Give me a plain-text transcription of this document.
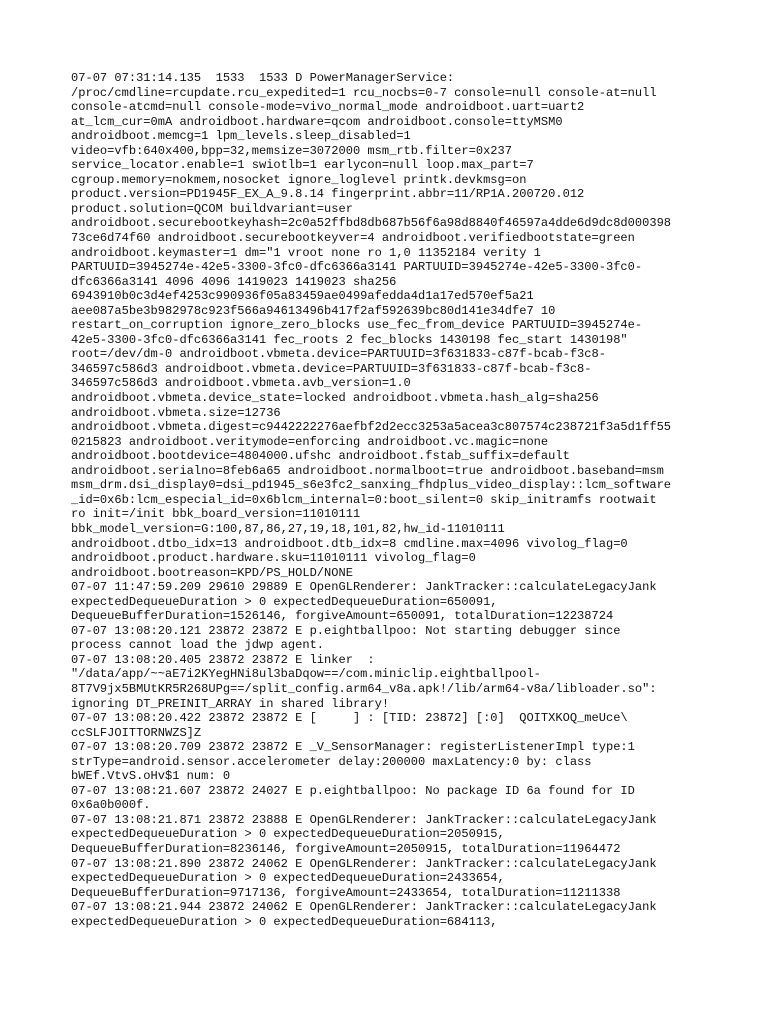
07-07 07:31:14.135  1533  1533 D PowerManagerService:
/proc/cmdline=rcupdate.rcu_expedited=1 rcu_nocbs=0-7 console=null console-at=null
console-atcmd=null console-mode=vivo_normal_mode androidboot.uart=uart2
at_lcm_cur=0mA androidboot.hardware=qcom androidboot.console=ttyMSM0
androidboot.memcg=1 lpm_levels.sleep_disabled=1
video=vfb:640x400,bpp=32,memsize=3072000 msm_rtb.filter=0x237
service_locator.enable=1 swiotlb=1 earlycon=null loop.max_part=7
cgroup.memory=nokmem,nosocket ignore_loglevel printk.devkmsg=on
product.version=PD1945F_EX_A_9.8.14 fingerprint.abbr=11/RP1A.200720.012
product.solution=QCOM buildvariant=user
androidboot.securebootkeyhash=2c0a52ffbd8db687b56f6a98d8840f46597a4dde6d9dc8d000398
73ce6d74f60 androidboot.securebootkeyver=4 androidboot.verifiedbootstate=green
androidboot.keymaster=1 dm="1 vroot none ro 1,0 11352184 verity 1
PARTUUID=3945274e-42e5-3300-3fc0-dfc6366a3141 PARTUUID=3945274e-42e5-3300-3fc0-
dfc6366a3141 4096 4096 1419023 1419023 sha256
6943910b0c3d4ef4253c990936f05a83459ae0499afedda4d1a17ed570ef5a21
aee087a5be3b982978c923f566a94613496b417f2af592639bc80d141e34dfe7 10
restart_on_corruption ignore_zero_blocks use_fec_from_device PARTUUID=3945274e-
42e5-3300-3fc0-dfc6366a3141 fec_roots 2 fec_blocks 1430198 fec_start 1430198"
root=/dev/dm-0 androidboot.vbmeta.device=PARTUUID=3f631833-c87f-bcab-f3c8-
346597c586d3 androidboot.vbmeta.device=PARTUUID=3f631833-c87f-bcab-f3c8-
346597c586d3 androidboot.vbmeta.avb_version=1.0
androidboot.vbmeta.device_state=locked androidboot.vbmeta.hash_alg=sha256
androidboot.vbmeta.size=12736
androidboot.vbmeta.digest=c9442222276aefbf2d2ecc3253a5acea3c807574c238721f3a5d1ff55
0215823 androidboot.veritymode=enforcing androidboot.vc.magic=none
androidboot.bootdevice=4804000.ufshc androidboot.fstab_suffix=default
androidboot.serialno=8feb6a65 androidboot.normalboot=true androidboot.baseband=msm
msm_drm.dsi_display0=dsi_pd1945_s6e3fc2_sanxing_fhdplus_video_display::lcm_software
_id=0x6b:lcm_especial_id=0x6blcm_internal=0:boot_silent=0 skip_initramfs rootwait
ro init=/init bbk_board_version=11010111
bbk_model_version=G:100,87,86,27,19,18,101,82,hw_id-11010111
androidboot.dtbo_idx=13 androidboot.dtb_idx=8 cmdline.max=4096 vivolog_flag=0
androidboot.product.hardware.sku=11010111 vivolog_flag=0
androidboot.bootreason=KPD/PS_HOLD/NONE
07-07 11:47:59.209 29610 29889 E OpenGLRenderer: JankTracker::calculateLegacyJank
expectedDequeueDuration > 0 expectedDequeueDuration=650091,
DequeueBufferDuration=1526146, forgiveAmount=650091, totalDuration=12238724
07-07 13:08:20.121 23872 23872 E p.eightballpoo: Not starting debugger since
process cannot load the jdwp agent.
07-07 13:08:20.405 23872 23872 E linker  :
"/data/app/~~aE7i2KYegHNi8ul3baDqow==/com.miniclip.eightballpool-
8T7V9jx5BMUtKR5R268UPg==/split_config.arm64_v8a.apk!/lib/arm64-v8a/libloader.so":
ignoring DT_PREINIT_ARRAY in shared library!
07-07 13:08:20.422 23872 23872 E [     ] : [TID: 23872] [:0]  QOITXKOQ_meUce\
ccSLFJOITTORNWZS]Z
07-07 13:08:20.709 23872 23872 E _V_SensorManager: registerListenerImpl type:1
strType=android.sensor.accelerometer delay:200000 maxLatency:0 by: class
bWEf.VtvS.oHv$1 num: 0
07-07 13:08:21.607 23872 24027 E p.eightballpoo: No package ID 6a found for ID
0x6a0b000f.
07-07 13:08:21.871 23872 23888 E OpenGLRenderer: JankTracker::calculateLegacyJank
expectedDequeueDuration > 0 expectedDequeueDuration=2050915,
DequeueBufferDuration=8236146, forgiveAmount=2050915, totalDuration=11964472
07-07 13:08:21.890 23872 24062 E OpenGLRenderer: JankTracker::calculateLegacyJank
expectedDequeueDuration > 0 expectedDequeueDuration=2433654,
DequeueBufferDuration=9717136, forgiveAmount=2433654, totalDuration=11211338
07-07 13:08:21.944 23872 24062 E OpenGLRenderer: JankTracker::calculateLegacyJank
expectedDequeueDuration > 0 expectedDequeueDuration=684113,
